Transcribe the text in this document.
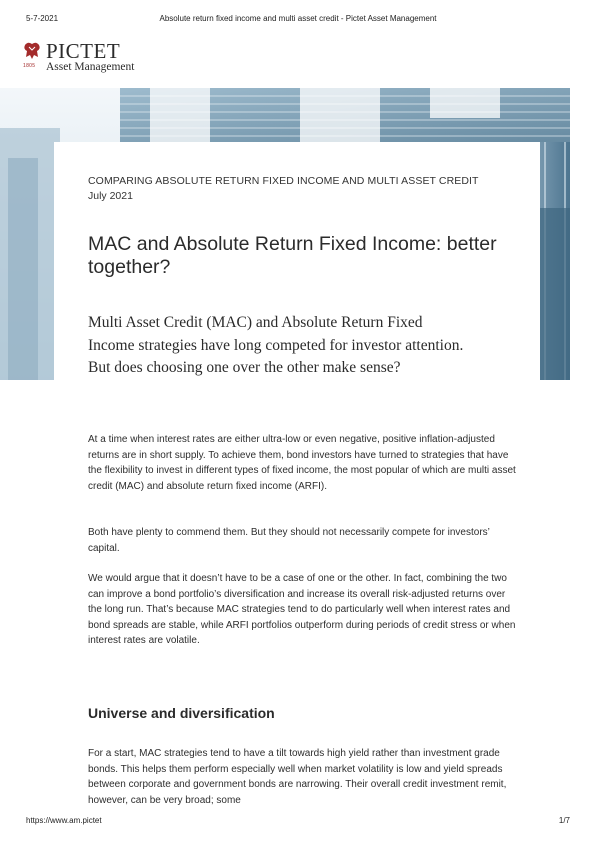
5-7-2021	Absolute return fixed income and multi asset credit - Pictet Asset Management
1805
PICTET
Asset Management
COMPARING ABSOLUTE RETURN FIXED INCOME AND MULTI ASSET CREDIT
July 2021
MAC and Absolute Return Fixed Income: better together?

Multi Asset Credit (MAC) and Absolute Return Fixed Income strategies have long competed for investor attention. But does choosing one over the other make sense?

At a time when interest rates are either ultra-low or even negative, positive inflation-adjusted returns are in short supply. To achieve them, bond investors have turned to strategies that have the flexibility to invest in different types of fixed income, the most popular of which are multi asset credit (MAC) and absolute return fixed income (ARFI).

Both have plenty to commend them. But they should not necessarily compete for investors’ capital.

We would argue that it doesn’t have to be a case of one or the other. In fact, combining the two can improve a bond portfolio’s diversification and increase its overall risk-adjusted returns over the long run. That’s because MAC strategies tend to do particularly well when interest rates and bond spreads are stable, while ARFI portfolios outperform during periods of credit stress or when interest rates are volatile.

Universe and diversification

For a start, MAC strategies tend to have a tilt towards high yield rather than investment grade bonds. This helps them perform especially well when market volatility is low and yield spreads between corporate and government bonds are narrowing. Their overall credit investment remit, however, can be very broad; some

https://www.am.pictet	1/7
